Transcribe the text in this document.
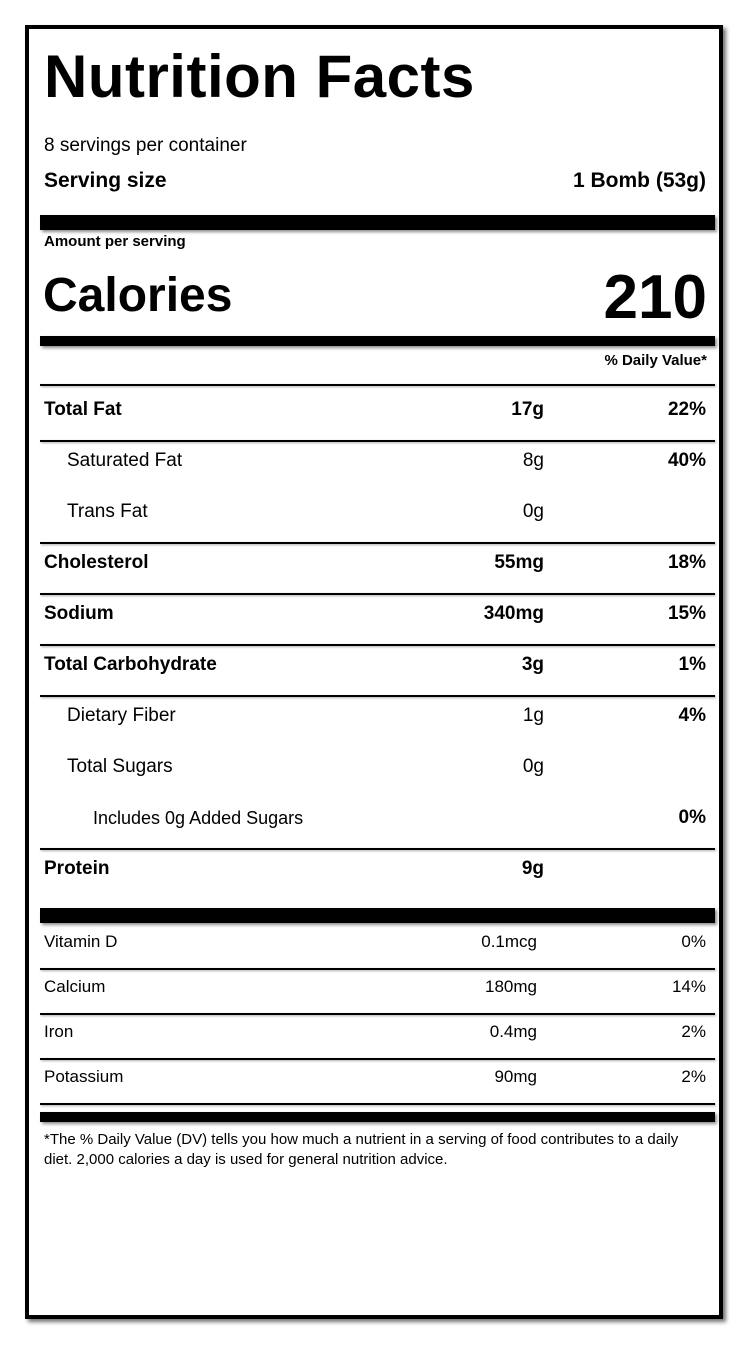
Nutrition Facts
8 servings per container
Serving size	1 Bomb (53g)
Amount per serving
Calories	210
% Daily Value*
Total Fat	17g	22%
Saturated Fat	8g	40%
Trans Fat	0g
Cholesterol	55mg	18%
Sodium	340mg	15%
Total Carbohydrate	3g	1%
Dietary Fiber	1g	4%
Total Sugars	0g
Includes 0g Added Sugars	0%
Protein	9g
Vitamin D	0.1mcg	0%
Calcium	180mg	14%
Iron	0.4mg	2%
Potassium	90mg	2%
*The % Daily Value (DV) tells you how much a nutrient in a serving of food contributes to a daily diet. 2,000 calories a day is used for general nutrition advice.
